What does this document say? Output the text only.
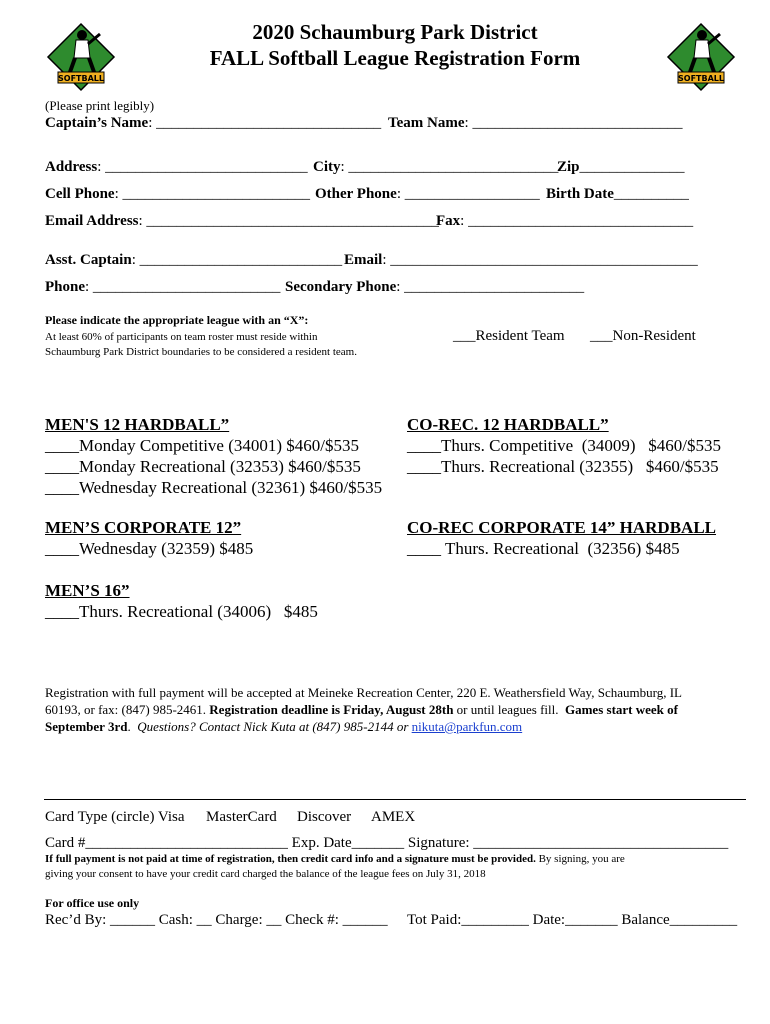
SOFTBALL	SOFTBALL
2020 Schaumburg Park District
FALL Softball League Registration Form
(Please print legibly)
Captain’s Name: ______________________________ Team Name: ____________________________
Address: ___________________________ City: ____________________________
Zip______________
Cell Phone: _________________________ Other Phone: __________________ Birth Date__________
Email Address: _______________________________________
Fax: ______________________________
Asst. Captain: ___________________________ Email: _________________________________________
Phone: _________________________ Secondary Phone: ________________________
Please indicate the appropriate league with an “X”:
At least 60% of participants on team roster must reside within
Schaumburg Park District boundaries to be considered a resident team.
___Resident Team ___Non-Resident
MEN'S 12 HARDBALL”
____Monday Competitive (34001) $460/$535
____Monday Recreational (32353) $460/$535
____Wednesday Recreational (32361) $460/$535
CO-REC. 12 HARDBALL”
____Thurs. Competitive  (34009)   $460/$535
____Thurs. Recreational (32355)   $460/$535
MEN’S CORPORATE 12”
____Wednesday (32359) $485
CO-REC CORPORATE 14” HARDBALL
____ Thurs. Recreational  (32356) $485
MEN’S 16”
____Thurs. Recreational (34006)   $485
Registration with full payment will be accepted at Meineke Recreation Center, 220 E. Weathersfield Way, Schaumburg, IL
60193, or fax: (847) 985-2461. Registration deadline is Friday, August 28th or until leagues fill.  Games start week of
September 3rd.  Questions? Contact Nick Kuta at (847) 985-2144 or nikuta@parkfun.com
Card Type (circle) Visa MasterCard Discover AMEX
Card #___________________________ Exp. Date_______ Signature: __________________________________
If full payment is not paid at time of registration, then credit card info and a signature must be provided. By signing, you are
giving your consent to have your credit card charged the balance of the league fees on July 31, 2018
For office use only
Rec’d By: ______ Cash: __ Charge: __ Check #: ______ Tot Paid:_________ Date:_______ Balance_________
